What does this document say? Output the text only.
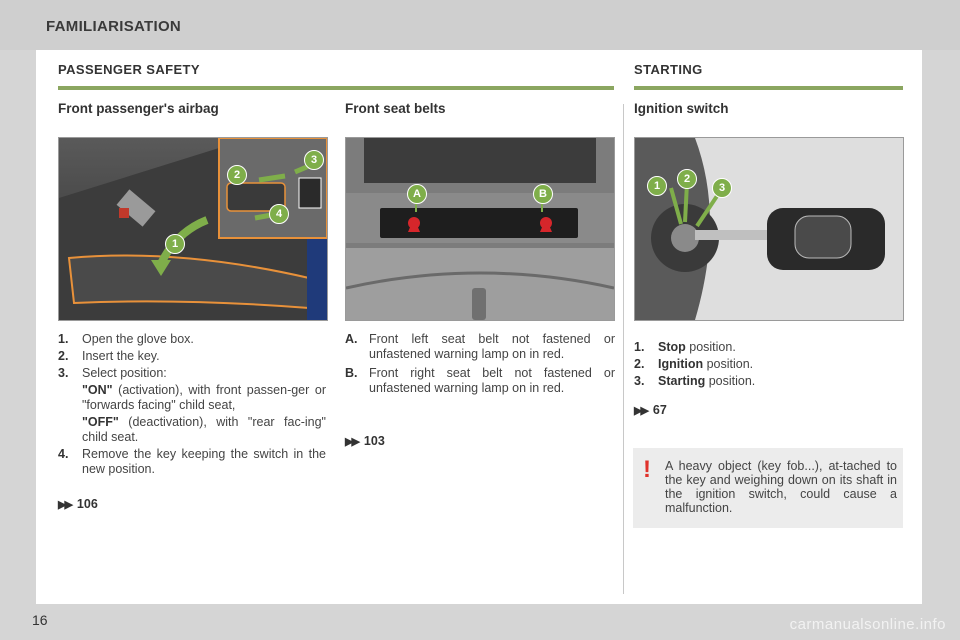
FAMILIARISATION
16	carmanualsonline.info
PASSENGER SAFETY	STARTING
Front passenger's airbag	Front seat belts	Ignition switch
2
3
4
1
A	B
1
2
3
1. Open the glove box.
2. Insert the key.
3. Select position:
"ON" (activation), with front passen-ger or "forwards facing" child seat,
"OFF" (deactivation), with "rear fac-ing" child seat.
4. Remove the key keeping the switch in the new position.
▶▶ 106
A. Front left seat belt not fastened or unfastened warning lamp on in red.
B. Front right seat belt not fastened or unfastened warning lamp on in red.
▶▶ 103
1. Stop position.
2. Ignition position.
3. Starting position.
▶▶ 67
! A heavy object (key fob...), at-tached to the key and weighing down on its shaft in the ignition switch, could cause a malfunction.
